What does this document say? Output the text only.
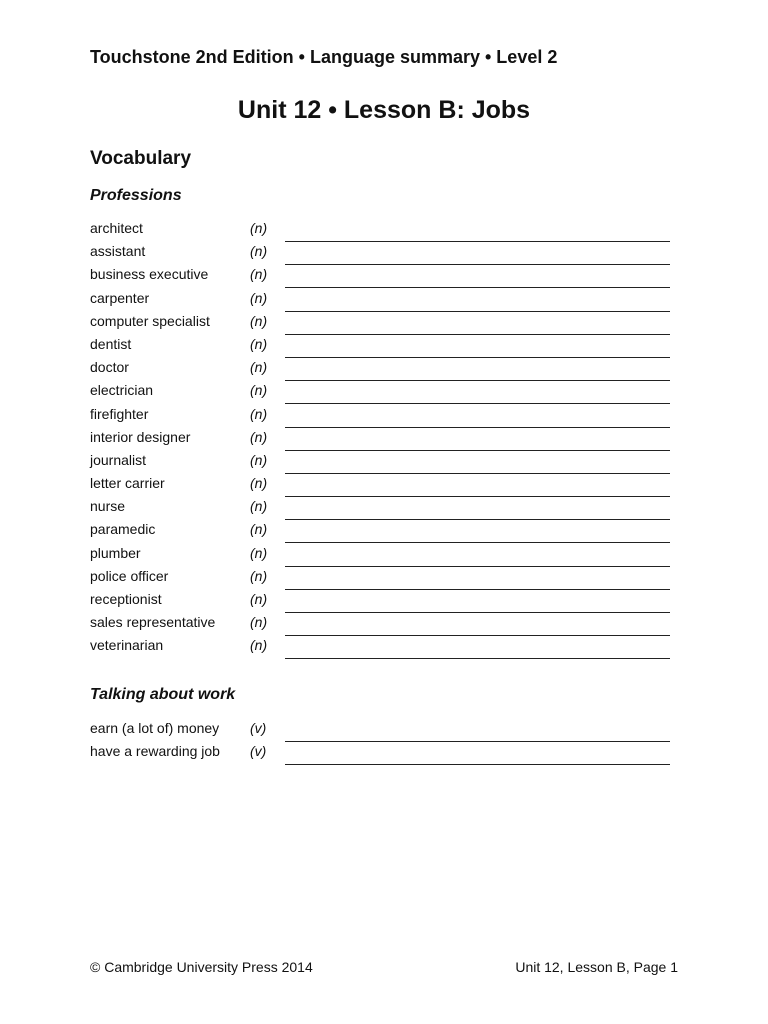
Touchstone 2nd Edition • Language summary • Level 2
Unit 12 • Lesson B: Jobs
Vocabulary
Professions
architect	(n)
assistant	(n)
business executive	(n)
carpenter	(n)
computer specialist	(n)
dentist	(n)
doctor	(n)
electrician	(n)
firefighter	(n)
interior designer	(n)
journalist	(n)
letter carrier	(n)
nurse	(n)
paramedic	(n)
plumber	(n)
police officer	(n)
receptionist	(n)
sales representative (n)
veterinarian	(n)
Talking about work
earn (a lot of) money (v)
have a rewarding job (v)
© Cambridge University Press 2014	Unit 12, Lesson B, Page 1
